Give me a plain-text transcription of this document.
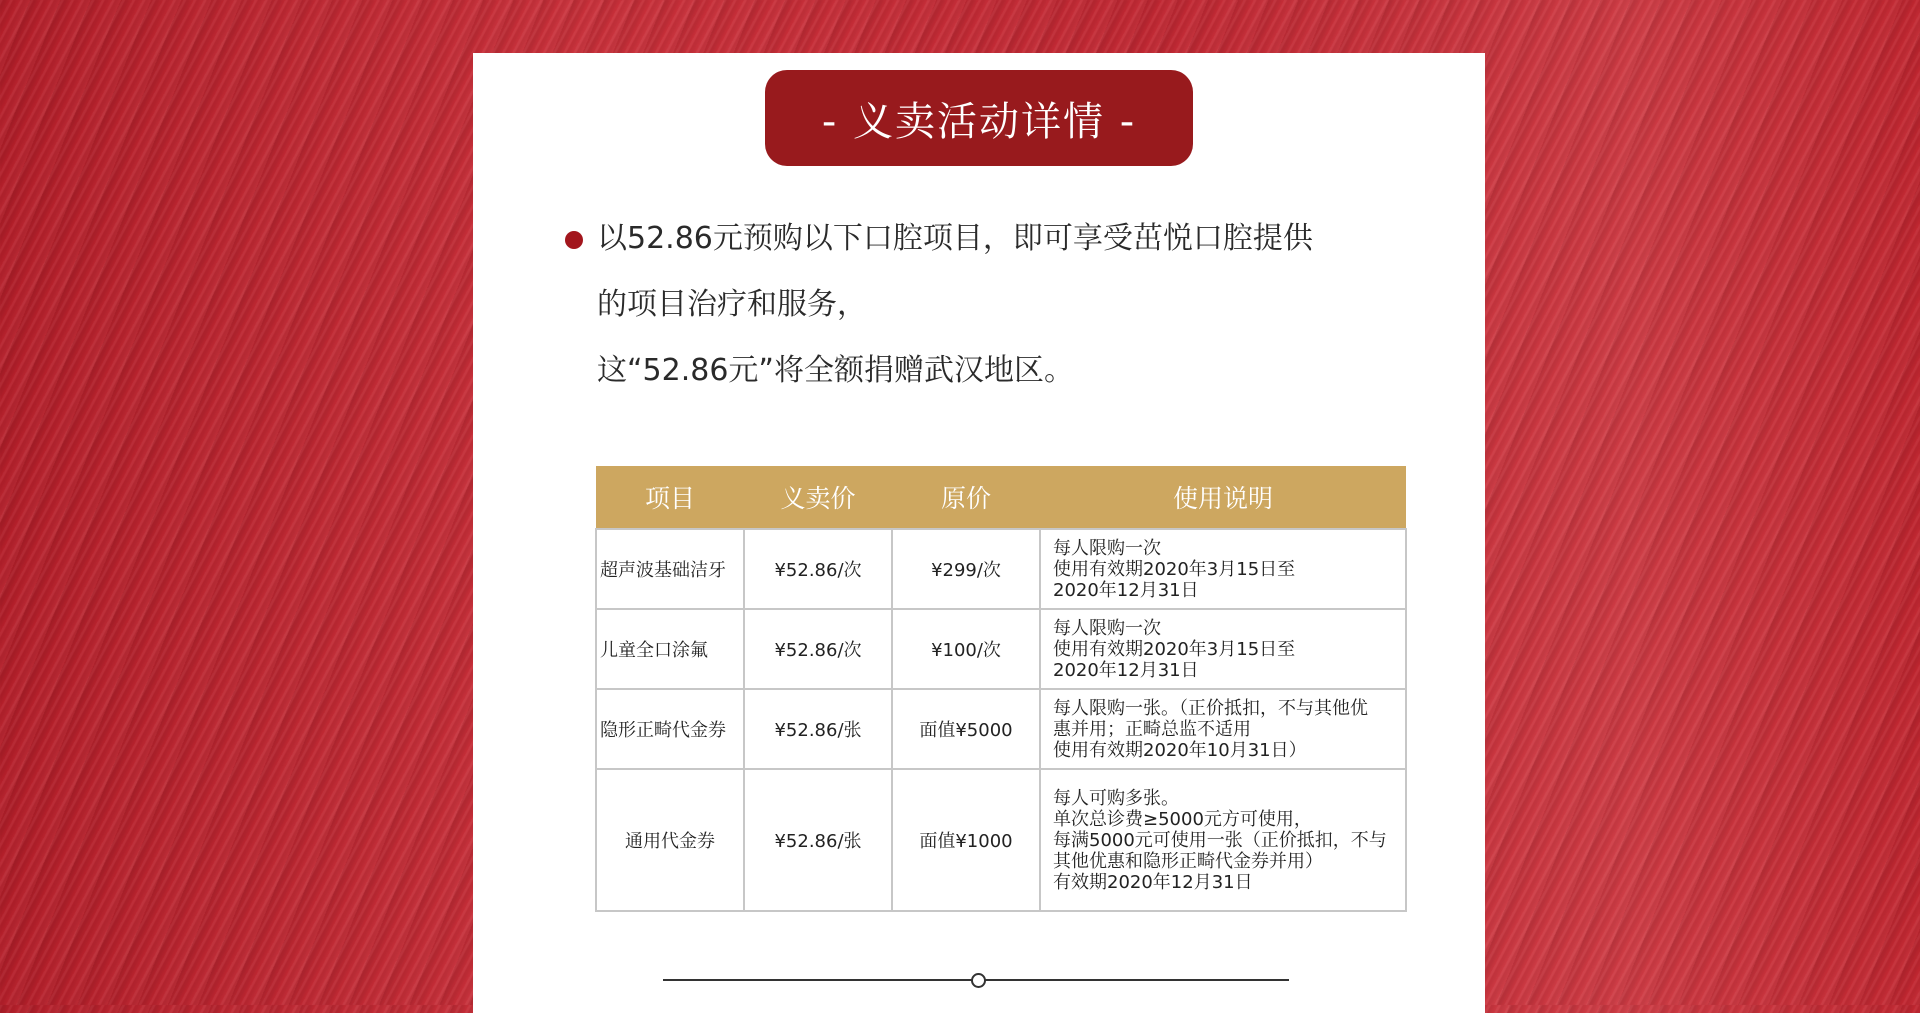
- 义卖活动详情 -
以52.86元预购以下口腔项目，即可享受茁悦口腔提供
的项目治疗和服务，
这“52.86元”将全额捐赠武汉地区。
项目	义卖价	原价	使用说明
超声波基础洁牙	¥52.86/次	¥299/次	每人限购一次
使用有效期2020年3月15日至
2020年12月31日

儿童全口涂氟	¥52.86/次	¥100/次	每人限购一次
使用有效期2020年3月15日至
2020年12月31日

隐形正畸代金券	¥52.86/张	面值¥5000	每人限购一张。（正价抵扣，不与其他优
惠并用；正畸总监不适用
使用有效期2020年10月31日）

通用代金券	¥52.86/张	面值¥1000	每人可购多张。
单次总诊费≥5000元方可使用，
每满5000元可使用一张（正价抵扣，不与
其他优惠和隐形正畸代金券并用）
有效期2020年12月31日
